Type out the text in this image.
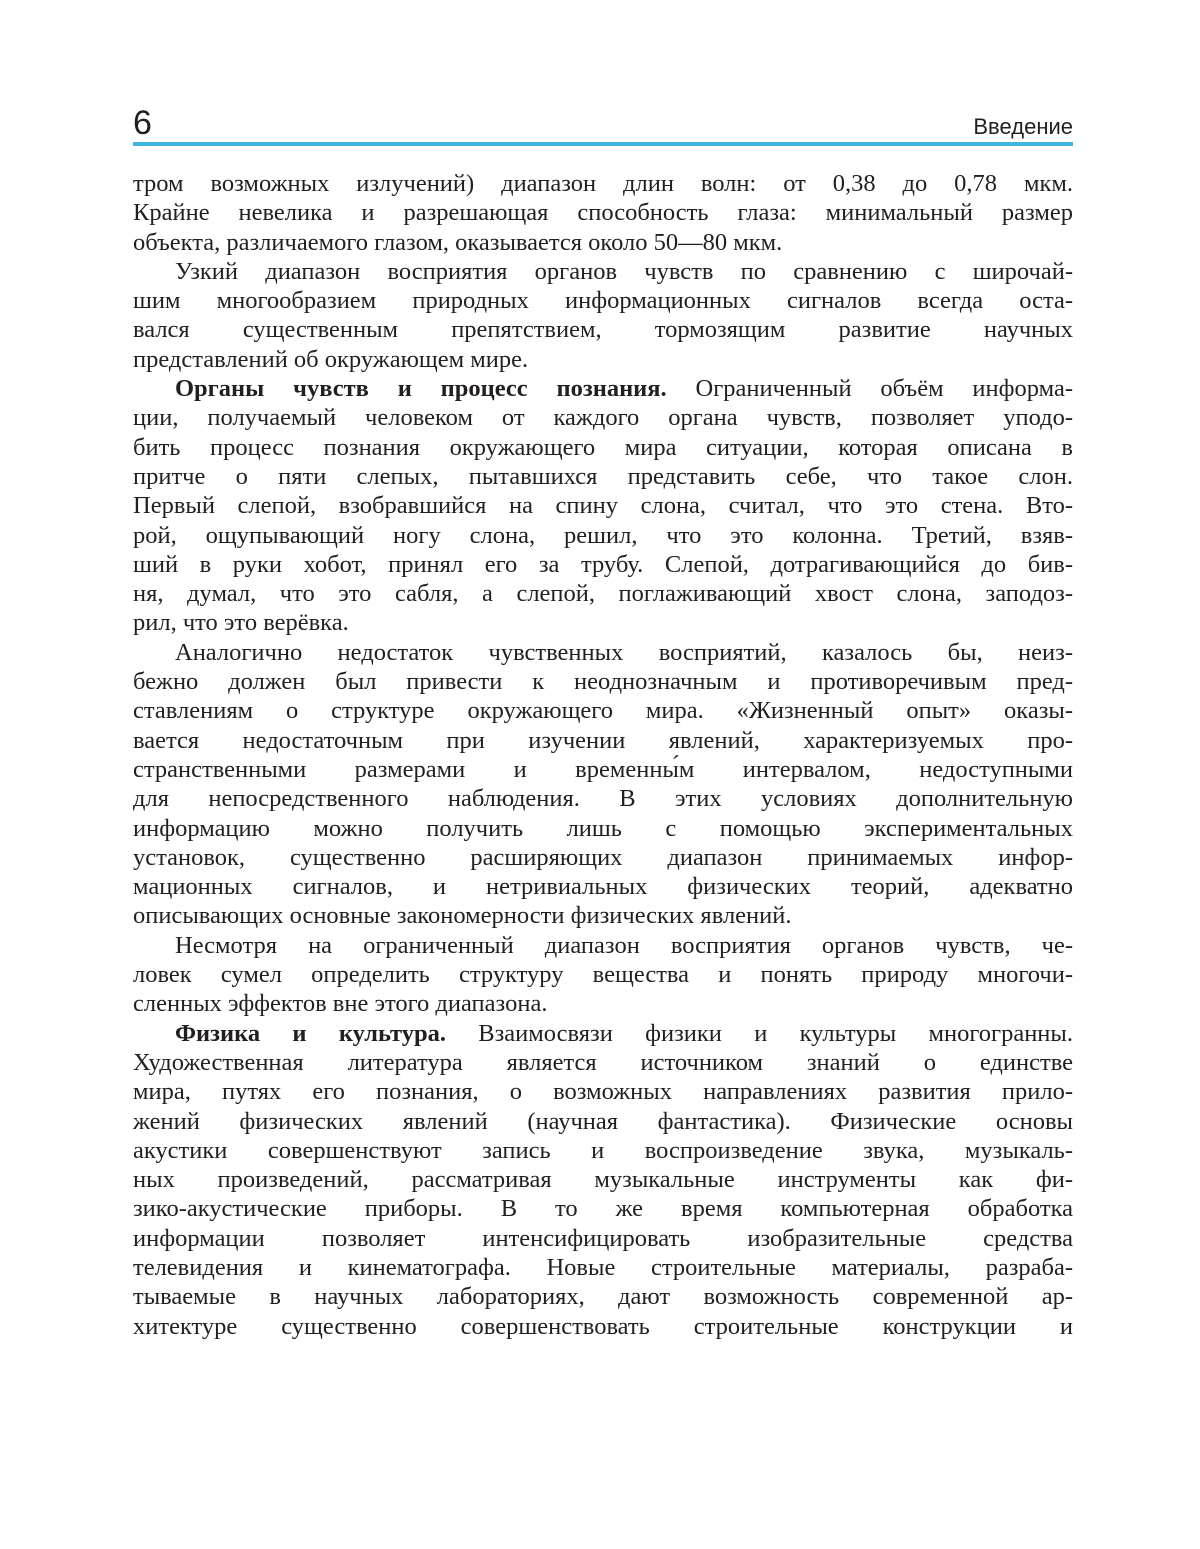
6	Введение
тром возможных излучений) диапазон длин волн: от 0,38 до 0,78 мкм.
Крайне невелика и разрешающая способность глаза: минимальный размер
объекта, различаемого глазом, оказывается около 50—80 мкм.
Узкий диапазон восприятия органов чувств по сравнению с широчай-
шим многообразием природных информационных сигналов всегда оста-
вался существенным препятствием, тормозящим развитие научных
представлений об окружающем мире.
Органы чувств и процесс познания. Ограниченный объём информа-
ции, получаемый человеком от каждого органа чувств, позволяет уподо-
бить процесс познания окружающего мира ситуации, которая описана в
притче о пяти слепых, пытавшихся представить себе, что такое слон.
Первый слепой, взобравшийся на спину слона, считал, что это стена. Вто-
рой, ощупывающий ногу слона, решил, что это колонна. Третий, взяв-
ший в руки хобот, принял его за трубу. Слепой, дотрагивающийся до бив-
ня, думал, что это сабля, а слепой, поглаживающий хвост слона, заподоз-
рил, что это верёвка.
Аналогично недостаток чувственных восприятий, казалось бы, неиз-
бежно должен был привести к неоднозначным и противоречивым пред-
ставлениям о структуре окружающего мира. «Жизненный опыт» оказы-
вается недостаточным при изучении явлений, характеризуемых про-
странственными размерами и временны́м интервалом, недоступными
для непосредственного наблюдения. В этих условиях дополнительную
информацию можно получить лишь с помощью экспериментальных
установок, существенно расширяющих диапазон принимаемых инфор-
мационных сигналов, и нетривиальных физических теорий, адекватно
описывающих основные закономерности физических явлений.
Несмотря на ограниченный диапазон восприятия органов чувств, че-
ловек сумел определить структуру вещества и понять природу многочи-
сленных эффектов вне этого диапазона.
Физика и культура. Взаимосвязи физики и культуры многогранны.
Художественная литература является источником знаний о единстве
мира, путях его познания, о возможных направлениях развития прило-
жений физических явлений (научная фантастика). Физические основы
акустики совершенствуют запись и воспроизведение звука, музыкаль-
ных произведений, рассматривая музыкальные инструменты как фи-
зико-акустические приборы. В то же время компьютерная обработка
информации позволяет интенсифицировать изобразительные средства
телевидения и кинематографа. Новые строительные материалы, разраба-
тываемые в научных лабораториях, дают возможность современной ар-
хитектуре существенно совершенствовать строительные конструкции и
